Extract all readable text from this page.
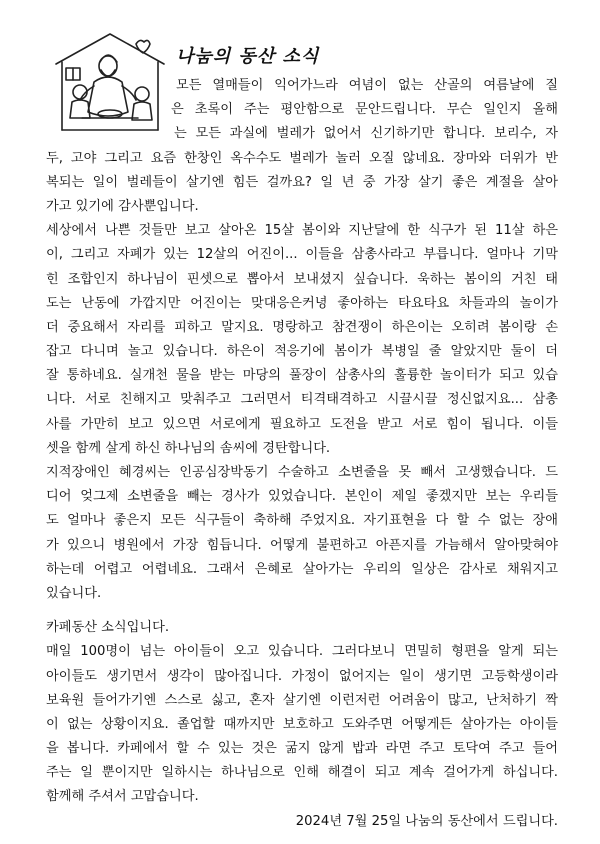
나눔의 동산 소식
모든 열매들이 익어가느라 여념이 없는 산골의 여름날에 질
은 초록이 주는 평안함으로 문안드립니다. 무슨 일인지 올해
는 모든 과실에 벌레가 없어서 신기하기만 합니다. 보리수, 자
두, 고야 그리고 요즘 한창인 옥수수도 벌레가 놀러 오질 않네요. 장마와 더위가 반
복되는 일이 벌레들이 살기엔 힘든 걸까요? 일 년 중 가장 살기 좋은 계절을 살아
가고 있기에 감사뿐입니다.
세상에서 나쁜 것들만 보고 살아온 15살 봄이와 지난달에 한 식구가 된 11살 하은
이, 그리고 자폐가 있는 12살의 어진이... 이들을 삼총사라고 부릅니다. 얼마나 기막
힌 조합인지 하나님이 핀셋으로 뽑아서 보내셨지 싶습니다. 욱하는 봄이의 거친 태
도는 난동에 가깝지만 어진이는 맞대응은커녕 좋아하는 타요타요 차들과의 놀이가
더 중요해서 자리를 피하고 말지요. 명랑하고 참견쟁이 하은이는 오히려 봄이랑 손
잡고 다니며 놀고 있습니다. 하은이 적응기에 봄이가 복병일 줄 알았지만 둘이 더
잘 통하네요. 실개천 물을 받는 마당의 풀장이 삼총사의 훌륭한 놀이터가 되고 있습
니다. 서로 친해지고 맞춰주고 그러면서 티격태격하고 시끌시끌 정신없지요... 삼총
사를 가만히 보고 있으면 서로에게 필요하고 도전을 받고 서로 힘이 됩니다. 이들
셋을 함께 살게 하신 하나님의 솜씨에 경탄합니다.
지적장애인 혜경씨는 인공심장박동기 수술하고 소변줄을 못 빼서 고생했습니다. 드
디어 엊그제 소변줄을 빼는 경사가 있었습니다. 본인이 제일 좋겠지만 보는 우리들
도 얼마나 좋은지 모든 식구들이 축하해 주었지요. 자기표현을 다 할 수 없는 장애
가 있으니 병원에서 가장 힘듭니다. 어떻게 불편하고 아픈지를 가늠해서 알아맞혀야
하는데 어렵고 어렵네요. 그래서 은혜로 살아가는 우리의 일상은 감사로 채워지고
있습니다.
카페동산 소식입니다.
매일 100명이 넘는 아이들이 오고 있습니다. 그러다보니 면밀히 형편을 알게 되는
아이들도 생기면서 생각이 많아집니다. 가정이 없어지는 일이 생기면 고등학생이라
보육원 들어가기엔 스스로 싫고, 혼자 살기엔 이런저런 어려움이 많고, 난처하기 짝
이 없는 상황이지요. 졸업할 때까지만 보호하고 도와주면 어떻게든 살아가는 아이들
을 봅니다. 카페에서 할 수 있는 것은 굶지 않게 밥과 라면 주고 토닥여 주고 들어
주는 일 뿐이지만 일하시는 하나님으로 인해 해결이 되고 계속 걸어가게 하십니다.
함께해 주셔서 고맙습니다.
2024년 7월 25일 나눔의 동산에서 드립니다.
